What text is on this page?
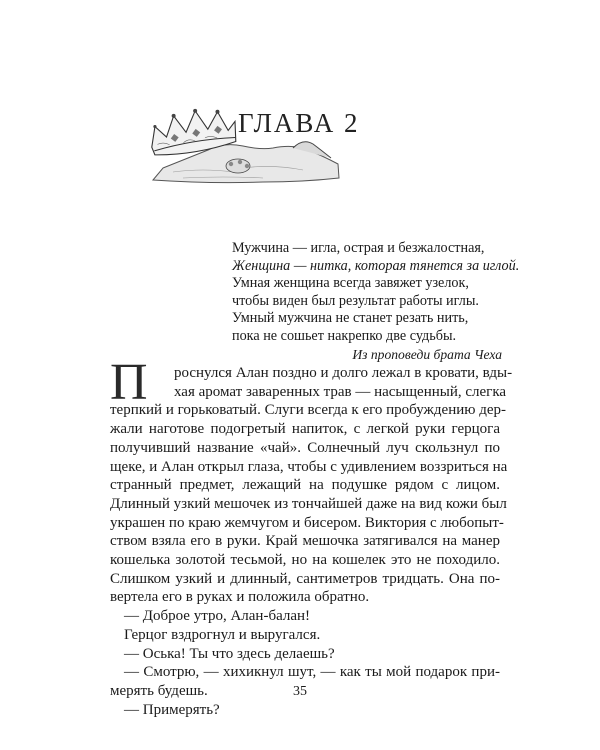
ГЛАВА 2
Мужчина — игла, острая и безжалостная,
Женщина — нитка, которая тянется за иглой.
Умная женщина всегда завяжет узелок,
чтобы виден был результат работы иглы.
Умный мужчина не станет резать нить,
пока не сошьет накрепко две судьбы.
Из проповеди брата Чеха
П	роснулся Алан поздно и долго лежал в кровати, вды-
хая аромат заваренных трав — насыщенный, слегка
терпкий и горьковатый. Слуги всегда к его пробуждению дер-
жали наготове подогретый напиток, с легкой руки герцога
получивший название «чай». Солнечный луч скользнул по
щеке, и Алан открыл глаза, чтобы с удивлением воззриться на
странный предмет, лежащий на подушке рядом с лицом.
Длинный узкий мешочек из тончайшей даже на вид кожи был
украшен по краю жемчугом и бисером. Виктория с любопыт-
ством взяла его в руки. Край мешочка затягивался на манер
кошелька золотой тесьмой, но на кошелек это не походило.
Слишком узкий и длинный, сантиметров тридцать. Она по-
вертела его в руках и положила обратно.
— Доброе утро, Алан-балан!
Герцог вздрогнул и выругался.
— Оська! Ты что здесь делаешь?
— Смотрю, — хихикнул шут, — как ты мой подарок при-
мерять будешь.
— Примерять?
35
